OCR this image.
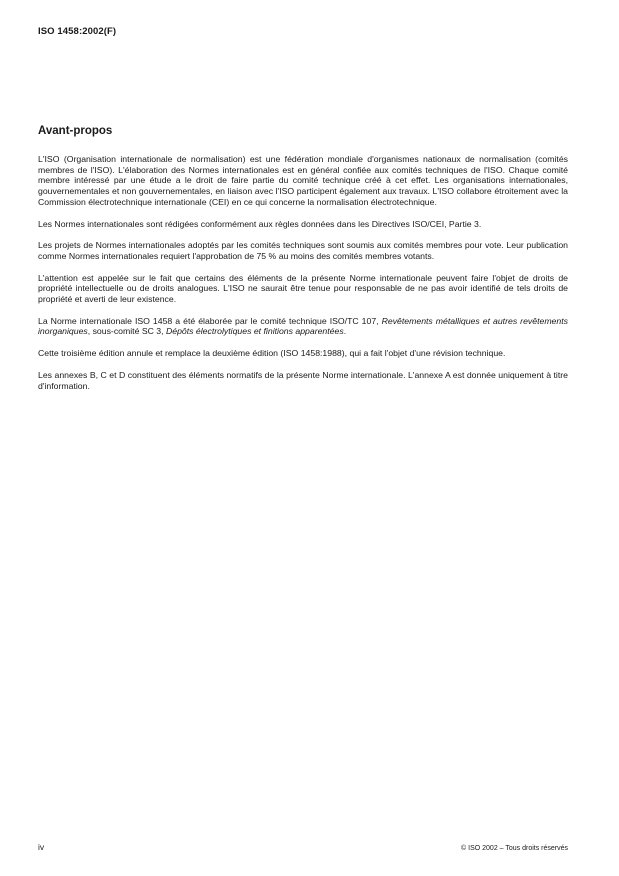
ISO 1458:2002(F)

Avant-propos

L'ISO (Organisation internationale de normalisation) est une fédération mondiale d'organismes nationaux de normalisation (comités membres de l'ISO). L'élaboration des Normes internationales est en général confiée aux comités techniques de l'ISO. Chaque comité membre intéressé par une étude a le droit de faire partie du comité technique créé à cet effet. Les organisations internationales, gouvernementales et non gouvernementales, en liaison avec l'ISO participent également aux travaux. L'ISO collabore étroitement avec la Commission électrotechnique internationale (CEI) en ce qui concerne la normalisation électrotechnique.

Les Normes internationales sont rédigées conformément aux règles données dans les Directives ISO/CEI, Partie 3.

Les projets de Normes internationales adoptés par les comités techniques sont soumis aux comités membres pour vote. Leur publication comme Normes internationales requiert l'approbation de 75 % au moins des comités membres votants.

L'attention est appelée sur le fait que certains des éléments de la présente Norme internationale peuvent faire l'objet de droits de propriété intellectuelle ou de droits analogues. L'ISO ne saurait être tenue pour responsable de ne pas avoir identifié de tels droits de propriété et averti de leur existence.

La Norme internationale ISO 1458 a été élaborée par le comité technique ISO/TC 107, Revêtements métalliques et autres revêtements inorganiques, sous-comité SC 3, Dépôts électrolytiques et finitions apparentées.

Cette troisième édition annule et remplace la deuxième édition (ISO 1458:1988), qui a fait l'objet d'une révision technique.

Les annexes B, C et D constituent des éléments normatifs de la présente Norme internationale. L'annexe A est donnée uniquement à titre d'information.

iv	© ISO 2002 – Tous droits réservés
